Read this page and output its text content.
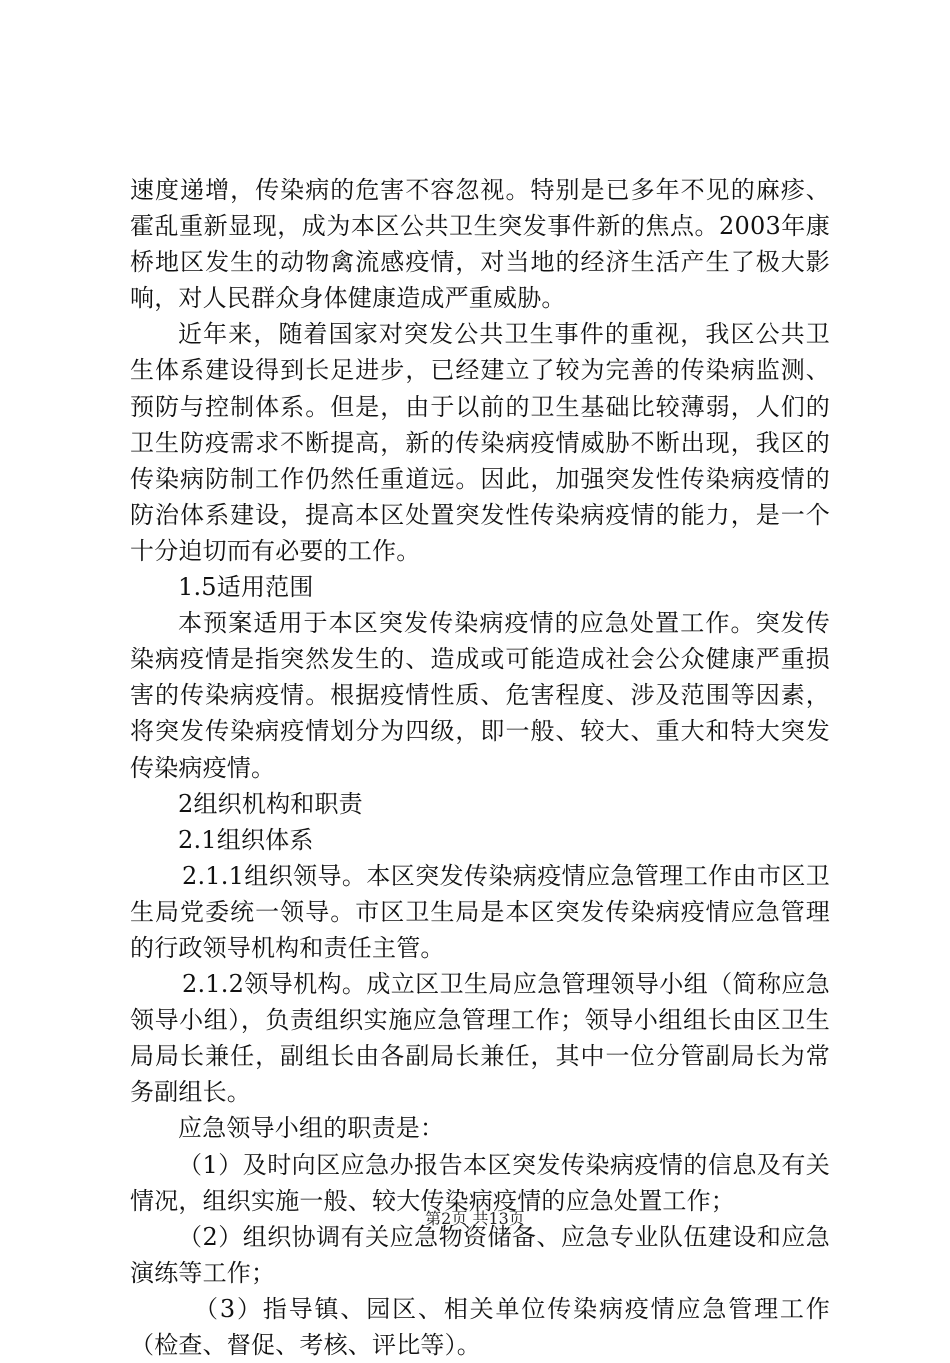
速度递增，传染病的危害不容忽视。特别是已多年不见的麻疹、霍乱重新显现，成为本区公共卫生突发事件新的焦点。2003年康桥地区发生的动物禽流感疫情，对当地的经济生活产生了极大影响，对人民群众身体健康造成严重威胁。

近年来，随着国家对突发公共卫生事件的重视，我区公共卫生体系建设得到长足进步，已经建立了较为完善的传染病监测、预防与控制体系。但是，由于以前的卫生基础比较薄弱，人们的卫生防疫需求不断提高，新的传染病疫情威胁不断出现，我区的传染病防制工作仍然任重道远。因此，加强突发性传染病疫情的防治体系建设，提高本区处置突发性传染病疫情的能力，是一个十分迫切而有必要的工作。

1.5适用范围

本预案适用于本区突发传染病疫情的应急处置工作。突发传染病疫情是指突然发生的、造成或可能造成社会公众健康严重损害的传染病疫情。根据疫情性质、危害程度、涉及范围等因素，将突发传染病疫情划分为四级，即一般、较大、重大和特大突发传染病疫情。

2组织机构和职责

2.1组织体系

2.1.1组织领导。本区突发传染病疫情应急管理工作由市区卫生局党委统一领导。市区卫生局是本区突发传染病疫情应急管理的行政领导机构和责任主管。

2.1.2领导机构。成立区卫生局应急管理领导小组（简称应急领导小组），负责组织实施应急管理工作；领导小组组长由区卫生局局长兼任，副组长由各副局长兼任，其中一位分管副局长为常务副组长。

应急领导小组的职责是：

（1）及时向区应急办报告本区突发传染病疫情的信息及有关情况，组织实施一般、较大传染病疫情的应急处置工作；

（2）组织协调有关应急物资储备、应急专业队伍建设和应急演练等工作；

（3）指导镇、园区、相关单位传染病疫情应急管理工作（检查、督促、考核、评比等）。

第2页 共13页
